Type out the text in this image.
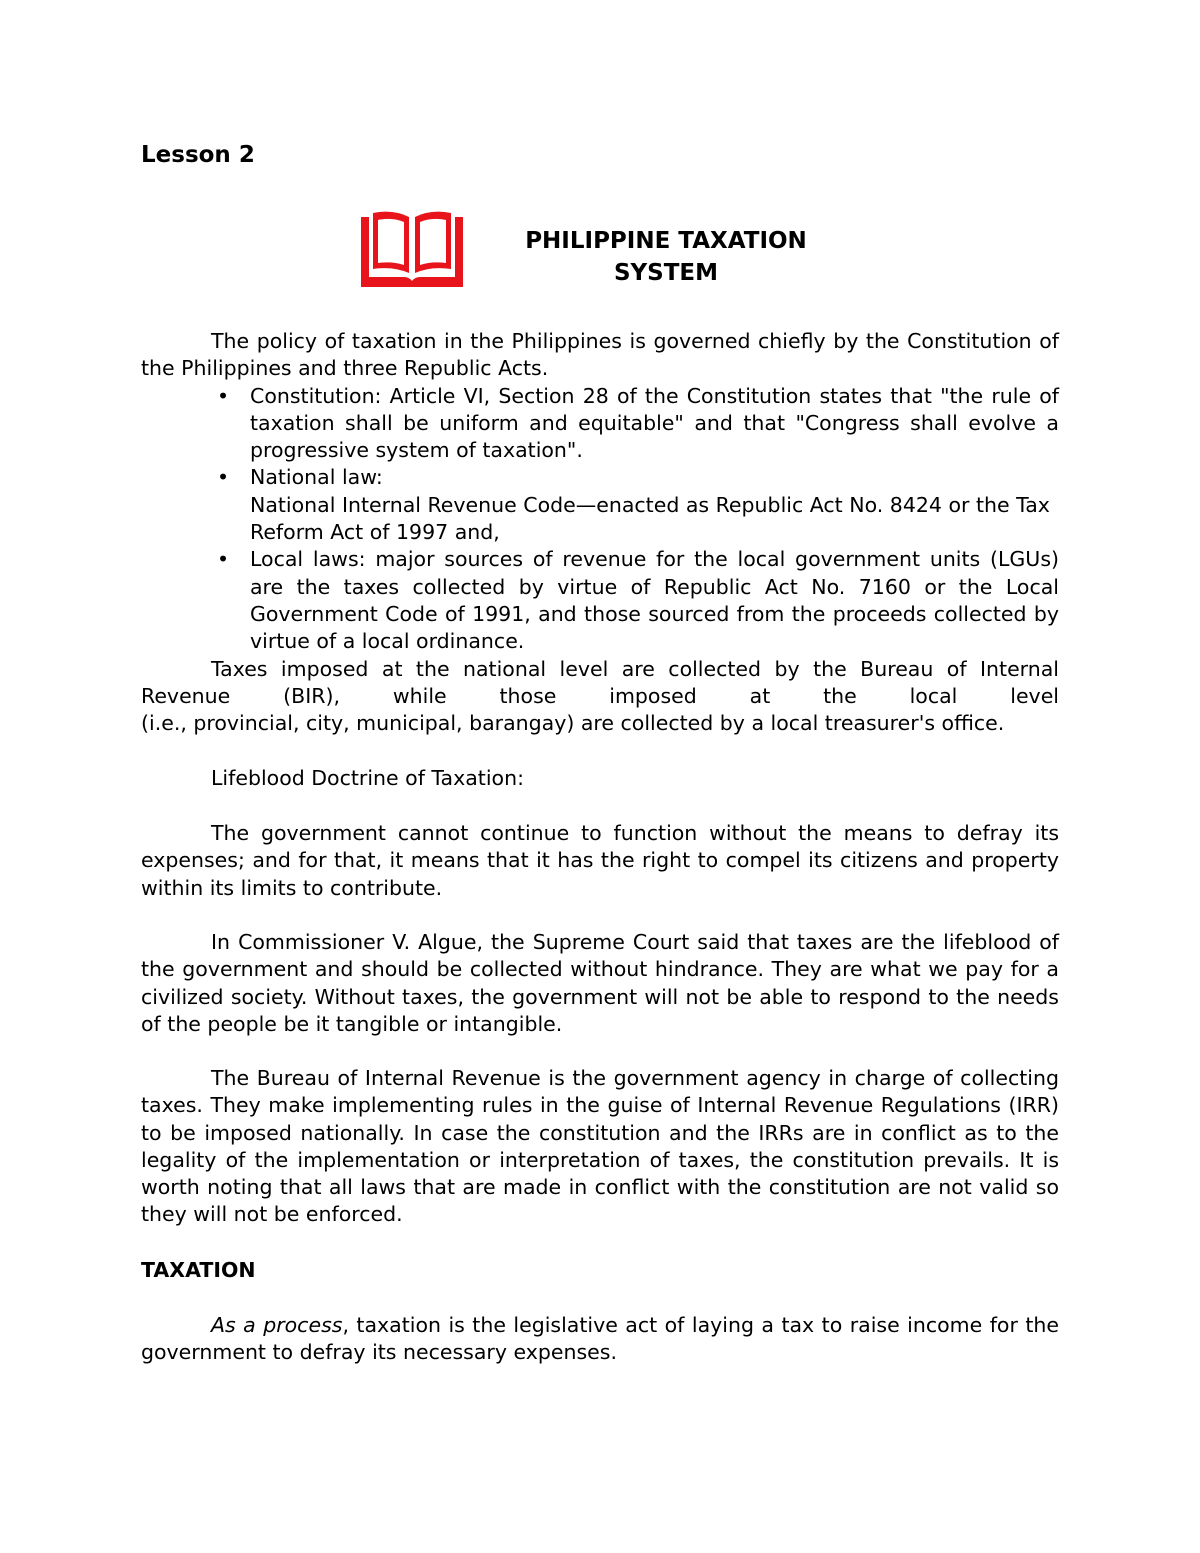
Lesson 2
PHILIPPINE TAXATION
SYSTEM

The policy of taxation in the Philippines is governed chiefly by the Constitution of the Philippines and three Republic Acts.

• Constitution: Article VI, Section 28 of the Constitution states that "the rule of taxation shall be uniform and equitable" and that "Congress shall evolve a progressive system of taxation".
• National law:
National Internal Revenue Code—enacted as Republic Act No. 8424 or the Tax Reform Act of 1997 and,
• Local laws: major sources of revenue for the local government units (LGUs) are the taxes collected by virtue of Republic Act No. 7160 or the Local Government Code of 1991, and those sourced from the proceeds collected by virtue of a local ordinance.

Taxes imposed at the national level are collected by the Bureau of Internal Revenue (BIR), while those imposed at the local level

(i.e., provincial, city, municipal, barangay) are collected by a local treasurer's office.

Lifeblood Doctrine of Taxation:

The government cannot continue to function without the means to defray its expenses; and for that, it means that it has the right to compel its citizens and property within its limits to contribute.

In Commissioner V. Algue, the Supreme Court said that taxes are the lifeblood of the government and should be collected without hindrance. They are what we pay for a civilized society. Without taxes, the government will not be able to respond to the needs of the people be it tangible or intangible.

The Bureau of Internal Revenue is the government agency in charge of collecting taxes. They make implementing rules in the guise of Internal Revenue Regulations (IRR) to be imposed nationally. In case the constitution and the IRRs are in conflict as to the legality of the implementation or interpretation of taxes, the constitution prevails. It is worth noting that all laws that are made in conflict with the constitution are not valid so they will not be enforced.

TAXATION

As a process, taxation is the legislative act of laying a tax to raise income for the government to defray its necessary expenses.
